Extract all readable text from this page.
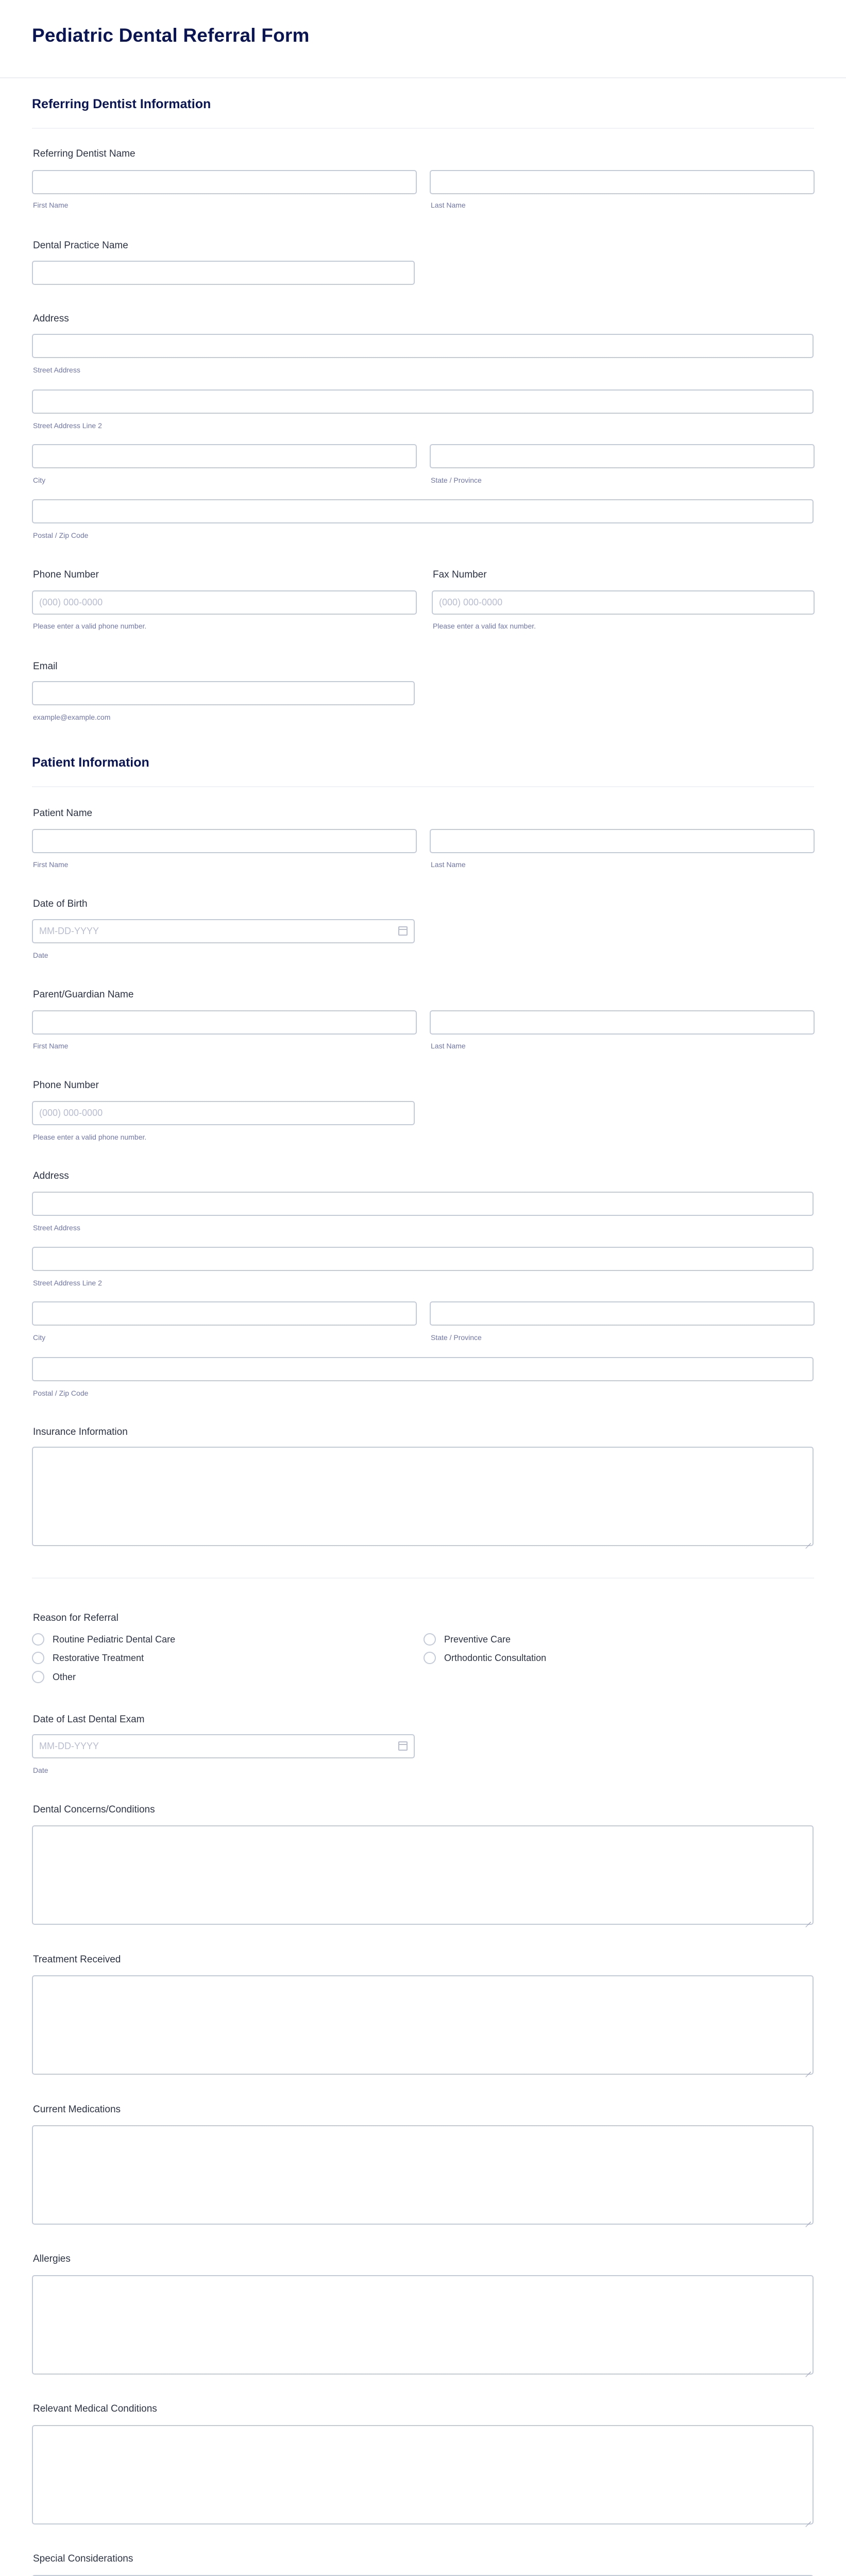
Pediatric Dental Referral Form
Referring Dentist Information
Referring Dentist Name
First Name	Last Name
Dental Practice Name
Address
Street Address
Street Address Line 2
City	State / Province
Postal / Zip Code
Phone Number
(000) 000-0000
Please enter a valid phone number.
Fax Number
(000) 000-0000
Please enter a valid fax number.
Email
example@example.com
Patient Information
Patient Name
First Name	Last Name
Date of Birth
MM-DD-YYYY
Date
Parent/Guardian Name
First Name	Last Name
Phone Number
(000) 000-0000
Please enter a valid phone number.
Address
Street Address
Street Address Line 2
City	State / Province
Postal / Zip Code
Insurance Information
Reason for Referral
Routine Pediatric Dental Care	Preventive Care
Restorative Treatment	Orthodontic Consultation
Other
Date of Last Dental Exam
MM-DD-YYYY
Date
Dental Concerns/Conditions
Treatment Received
Current Medications
Allergies
Relevant Medical Conditions
Special Considerations
